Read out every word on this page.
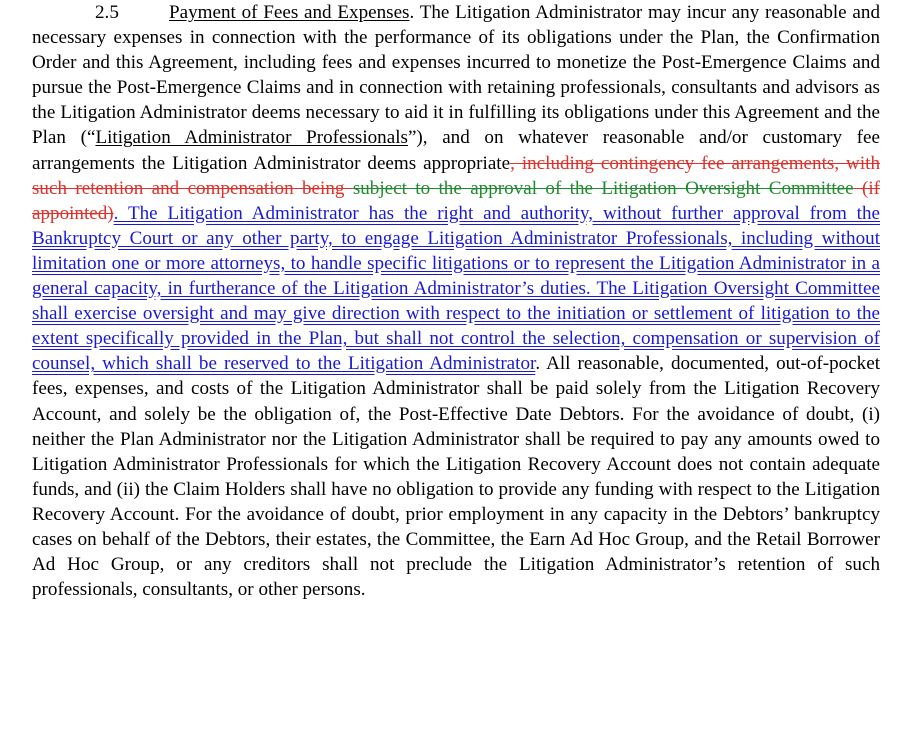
2.5	Payment of Fees and Expenses. The Litigation Administrator may incur any reasonable and necessary expenses in connection with the performance of its obligations under the Plan, the Confirmation Order and this Agreement, including fees and expenses incurred to monetize the Post-Emergence Claims and pursue the Post-Emergence Claims and in connection with retaining professionals, consultants and advisors as the Litigation Administrator deems necessary to aid it in fulfilling its obligations under this Agreement and the Plan (“Litigation Administrator Professionals”), and on whatever reasonable and/or customary fee arrangements the Litigation Administrator deems appropriate, including contingency fee arrangements, with such retention and compensation being subject to the approval of the Litigation Oversight Committee (if appointed). The Litigation Administrator has the right and authority, without further approval from the Bankruptcy Court or any other party, to engage Litigation Administrator Professionals, including without limitation one or more attorneys, to handle specific litigations or to represent the Litigation Administrator in a general capacity, in furtherance of the Litigation Administrator’s duties. The Litigation Oversight Committee shall exercise oversight and may give direction with respect to the initiation or settlement of litigation to the extent specifically provided in the Plan, but shall not control the selection, compensation or supervision of counsel, which shall be reserved to the Litigation Administrator. All reasonable, documented, out-of-pocket fees, expenses, and costs of the Litigation Administrator shall be paid solely from the Litigation Recovery Account, and solely be the obligation of, the Post-Effective Date Debtors. For the avoidance of doubt, (i) neither the Plan Administrator nor the Litigation Administrator shall be required to pay any amounts owed to Litigation Administrator Professionals for which the Litigation Recovery Account does not contain adequate funds, and (ii) the Claim Holders shall have no obligation to provide any funding with respect to the Litigation Recovery Account. For the avoidance of doubt, prior employment in any capacity in the Debtors’ bankruptcy cases on behalf of the Debtors, their estates, the Committee, the Earn Ad Hoc Group, and the Retail Borrower Ad Hoc Group, or any creditors shall not preclude the Litigation Administrator’s retention of such professionals, consultants, or other persons.
